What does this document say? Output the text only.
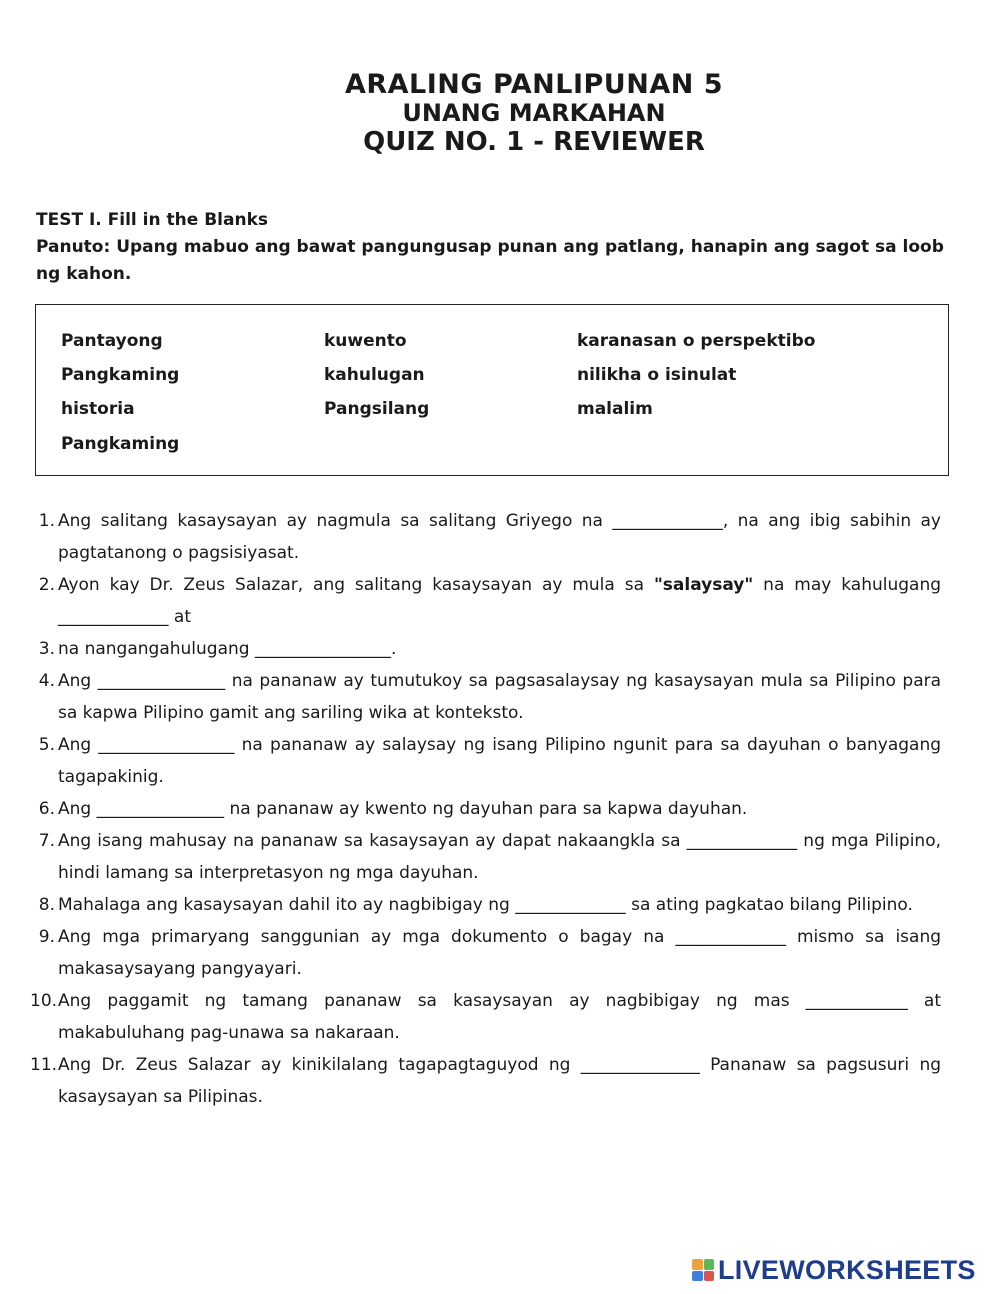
ARALING PANLIPUNAN 5
UNANG MARKAHAN
QUIZ NO. 1 - REVIEWER
TEST I. Fill in the Blanks
Panuto: Upang mabuo ang bawat pangungusap punan ang patlang, hanapin ang sagot sa loob ng kahon.
Pantayong
Pangkaming
historia
Pangkaming
kuwento
kahulugan
Pangsilang
karanasan o perspektibo
nilikha o isinulat
malalim
1. Ang salitang kasaysayan ay nagmula sa salitang Griyego na _____________, na ang ibig sabihin ay pagtatanong o pagsisiyasat.
2. Ayon kay Dr. Zeus Salazar, ang salitang kasaysayan ay mula sa "salaysay" na may kahulugang _____________ at
3. na nangangahulugang ________________.
4. Ang _______________ na pananaw ay tumutukoy sa pagsasalaysay ng kasaysayan mula sa Pilipino para sa kapwa Pilipino gamit ang sariling wika at konteksto.
5. Ang ________________ na pananaw ay salaysay ng isang Pilipino ngunit para sa dayuhan o banyagang tagapakinig.
6. Ang _______________ na pananaw ay kwento ng dayuhan para sa kapwa dayuhan.
7. Ang isang mahusay na pananaw sa kasaysayan ay dapat nakaangkla sa _____________ ng mga Pilipino, hindi lamang sa interpretasyon ng mga dayuhan.
8. Mahalaga ang kasaysayan dahil ito ay nagbibigay ng _____________ sa ating pagkatao bilang Pilipino.
9. Ang mga primaryang sanggunian ay mga dokumento o bagay na _____________ mismo sa isang makasaysayang pangyayari.
10. Ang paggamit ng tamang pananaw sa kasaysayan ay nagbibigay ng mas ____________ at makabuluhang pag-unawa sa nakaraan.
11. Ang Dr. Zeus Salazar ay kinikilalang tagapagtaguyod ng ______________ Pananaw sa pagsusuri ng kasaysayan sa Pilipinas.
LIVEWORKSHEETS
